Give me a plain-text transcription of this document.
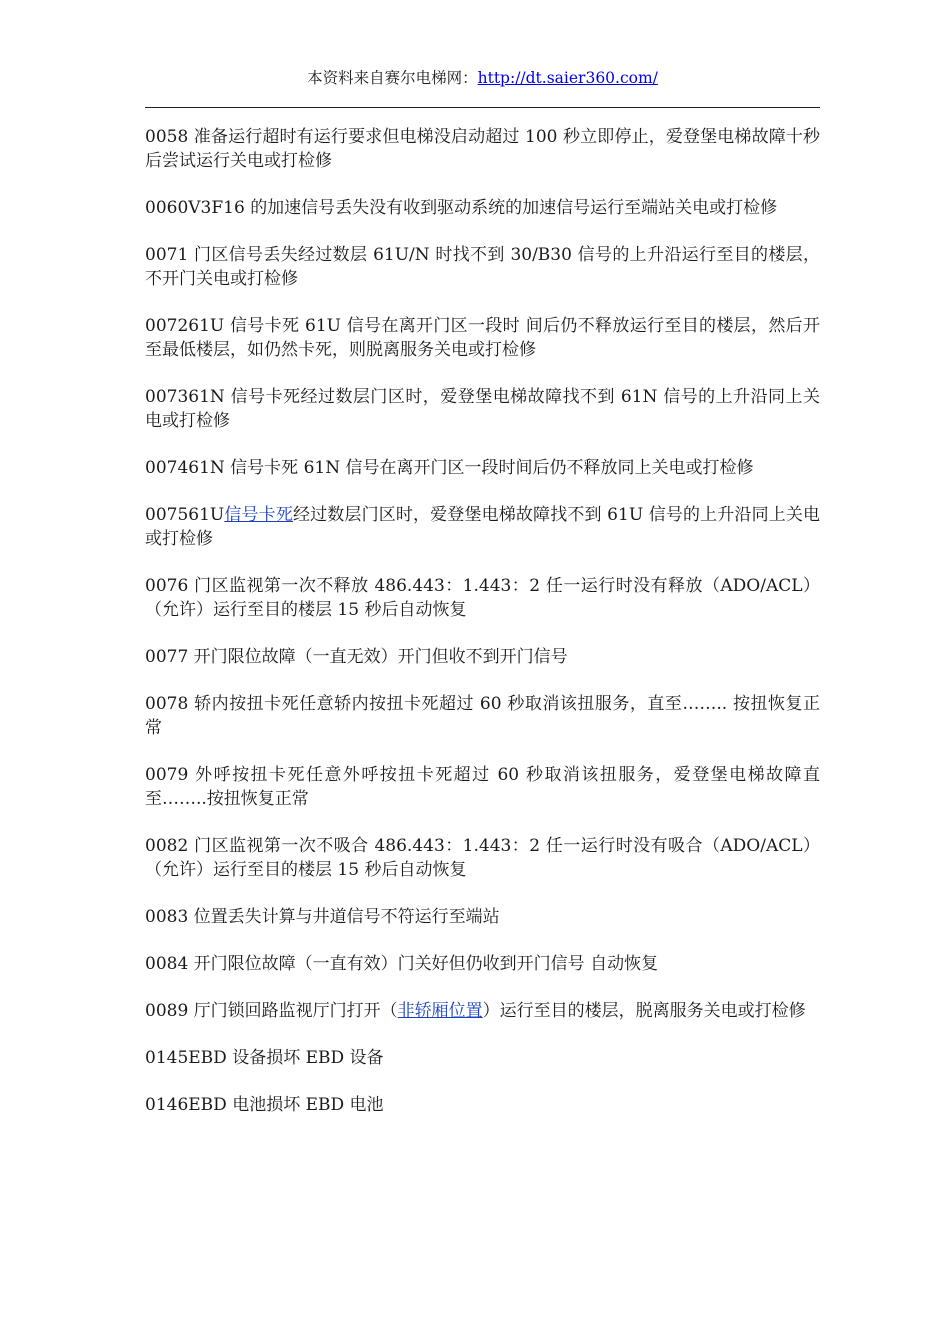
本资料来自赛尔电梯网：http://dt.saier360.com/

0058 准备运行超时有运行要求但电梯没启动超过 100 秒立即停止，爱登堡电梯故障十秒后尝试运行关电或打检修

0060V3F16 的加速信号丢失没有收到驱动系统的加速信号运行至端站关电或打检修

0071 门区信号丢失经过数层 61U/N 时找不到 30/B30 信号的上升沿运行至目的楼层，不开门关电或打检修

007261U 信号卡死 61U 信号在离开门区一段时 间后仍不释放运行至目的楼层，然后开至最低楼层，如仍然卡死，则脱离服务关电或打检修

007361N 信号卡死经过数层门区时，爱登堡电梯故障找不到 61N 信号的上升沿同上关电或打检修

007461N 信号卡死 61N 信号在离开门区一段时间后仍不释放同上关电或打检修

007561U信号卡死经过数层门区时，爱登堡电梯故障找不到 61U 信号的上升沿同上关电或打检修

0076 门区监视第一次不释放 486.443：1.443：2 任一运行时没有释放（ADO/ACL）（允许）运行至目的楼层 15 秒后自动恢复

0077 开门限位故障（一直无效）开门但收不到开门信号

0078 轿内按扭卡死任意轿内按扭卡死超过 60 秒取消该扭服务，直至…….. 按扭恢复正常

0079 外呼按扭卡死任意外呼按扭卡死超过 60 秒取消该扭服务，爱登堡电梯故障直至……..按扭恢复正常

0082 门区监视第一次不吸合 486.443：1.443：2 任一运行时没有吸合（ADO/ACL）（允许）运行至目的楼层 15 秒后自动恢复

0083 位置丢失计算与井道信号不符运行至端站

0084 开门限位故障（一直有效）门关好但仍收到开门信号 自动恢复

0089 厅门锁回路监视厅门打开（非轿厢位置）运行至目的楼层，脱离服务关电或打检修

0145EBD 设备损坏 EBD 设备

0146EBD 电池损坏 EBD 电池
